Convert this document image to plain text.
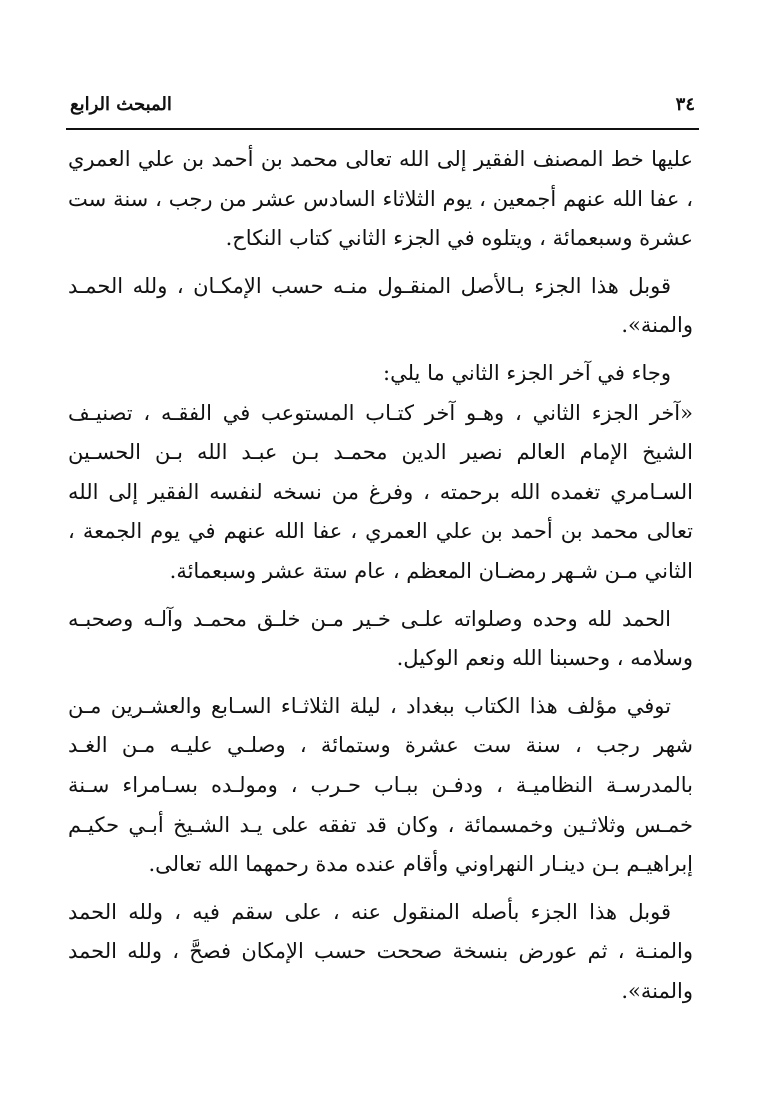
٣٤
المبحث الرابع

عليها خط المصنف الفقير إلى الله تعالى محمد بن أحمد بن علي العمري ، عفا الله عنهم أجمعين ، يوم الثلاثاء السادس عشر من رجب ، سنة ست عشرة وسبعمائة ، ويتلوه في الجزء الثاني كتاب النكاح.

قوبل هذا الجزء بـالأصل المنقـول منـه حسب الإمكـان ، ولله الحمـد والمنة».

وجاء في آخر الجزء الثاني ما يلي:

«آخر الجزء الثاني ، وهـو آخر كتـاب المستوعب في الفقـه ، تصنيـف الشيخ الإمام العالم نصير الدين محمـد بـن عبـد الله بـن الحسـين السـامري تغمده الله برحمته ، وفرغ من نسخه لنفسه الفقير إلى الله تعالى محمد بن أحمد بن علي العمري ، عفا الله عنهم في يوم الجمعة ، الثاني مـن شـهر رمضـان المعظم ، عام ستة عشر وسبعمائة.

الحمد لله وحده وصلواته علـى خـير مـن خلـق محمـد وآلـه وصحبـه وسلامه ، وحسبنا الله ونعم الوكيل.

توفي مؤلف هذا الكتاب ببغداد ، ليلة الثلاثـاء السـابع والعشـرين مـن شهر رجب ، سنة ست عشرة وستمائة ، وصلـي عليـه مـن الغـد بالمدرسـة النظاميـة ، ودفـن ببـاب حـرب ، ومولـده بسـامراء سـنة خمـس وثلاثـين وخمسمائة ، وكان قد تفقه على يـد الشـيخ أبـي حكيـم إبراهيـم بـن دينـار النهراوني وأقام عنده مدة رحمهما الله تعالى.

قوبل هذا الجزء بأصله المنقول عنه ، على سقم فيه ، ولله الحمد والمنـة ، ثم عورض بنسخة صححت حسب الإمكان فصحَّ ، ولله الحمد والمنة».
